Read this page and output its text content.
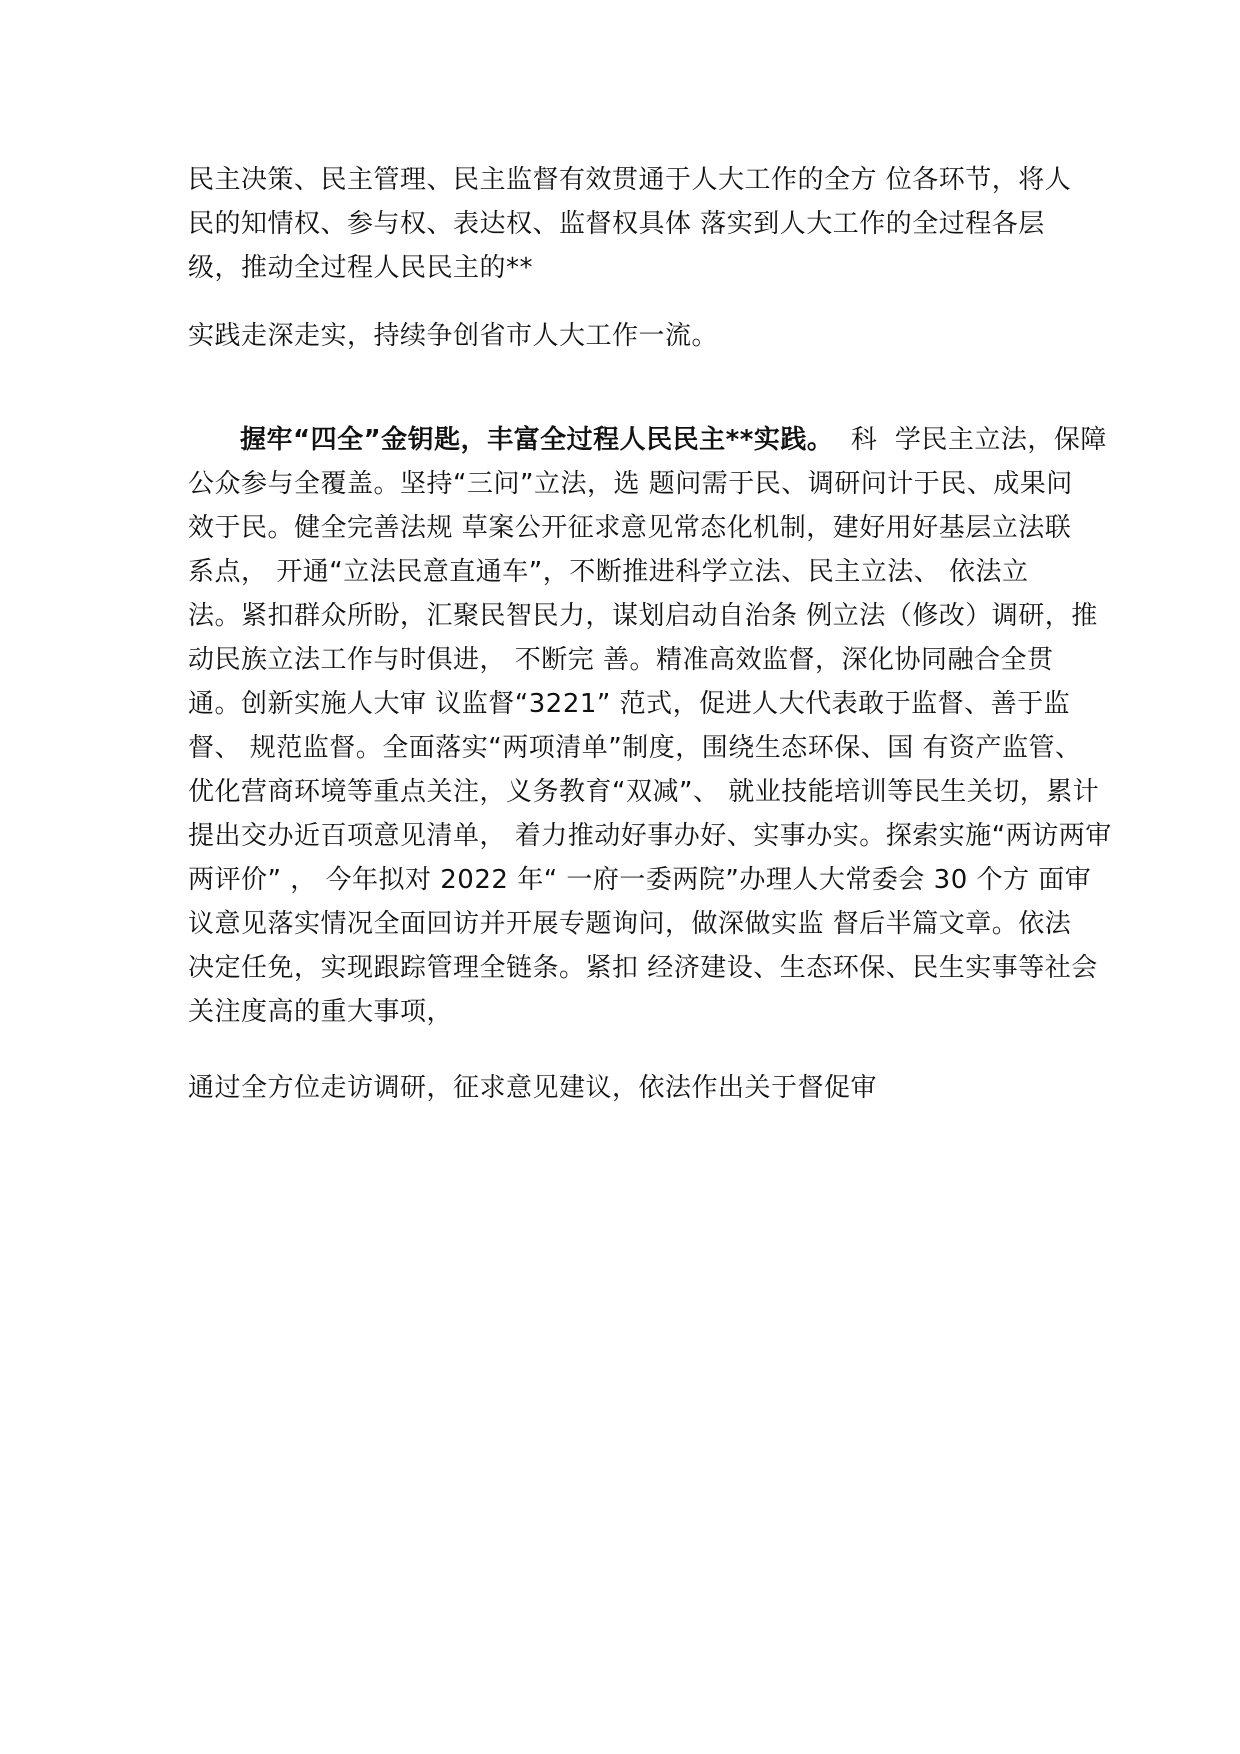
民主决策、民主管理、民主监督有效贯通于人大工作的全方 位各环节，将人
民的知情权、参与权、表达权、监督权具体 落实到人大工作的全过程各层
级，推动全过程人民民主的**
实践走深走实，持续争创省市人大工作一流。
握牢“四全”金钥匙，丰富全过程人民民主**实践。  科  学民主立法，保障
公众参与全覆盖。坚持“三问”立法，选 题问需于民、调研问计于民、成果问
效于民。健全完善法规 草案公开征求意见常态化机制，建好用好基层立法联
系点， 开通“立法民意直通车”，不断推进科学立法、民主立法、 依法立
法。紧扣群众所盼，汇聚民智民力，谋划启动自治条 例立法（修改）调研，推
动民族立法工作与时俱进， 不断完 善。精准高效监督，深化协同融合全贯
通。创新实施人大审 议监督“3221” 范式，促进人大代表敢于监督、善于监
督、 规范监督。全面落实“两项清单”制度，围绕生态环保、国 有资产监管、
优化营商环境等重点关注，义务教育“双减”、 就业技能培训等民生关切，累计
提出交办近百项意见清单， 着力推动好事办好、实事办实。探索实施“两访两审
两评价” ， 今年拟对 2022 年“ 一府一委两院”办理人大常委会 30 个方 面审
议意见落实情况全面回访并开展专题询问，做深做实监 督后半篇文章。依法
决定任免，实现跟踪管理全链条。紧扣 经济建设、生态环保、民生实事等社会
关注度高的重大事项，
通过全方位走访调研，征求意见建议，依法作出关于督促审
